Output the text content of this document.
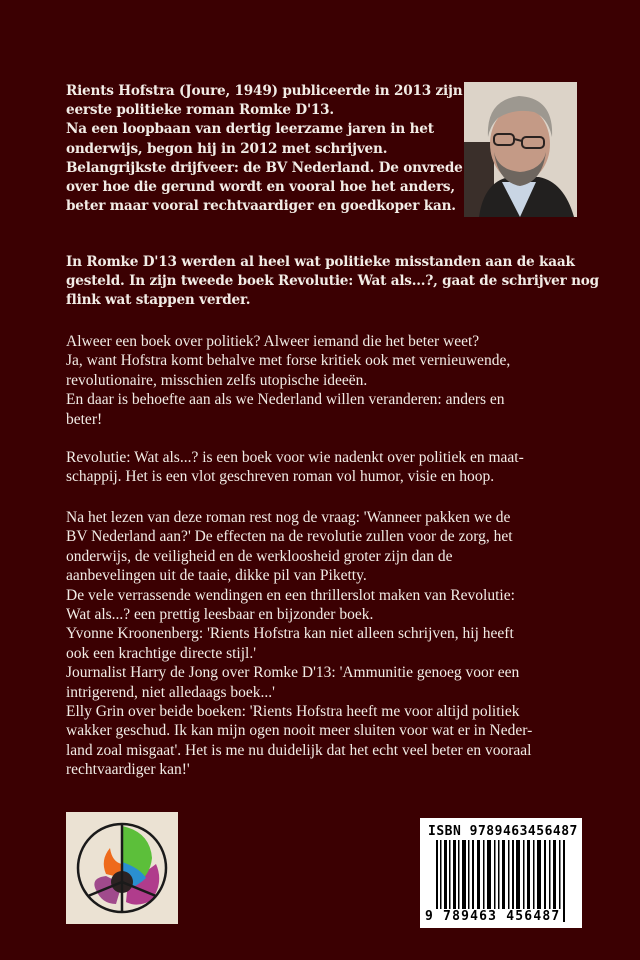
Rients Hofstra (Joure, 1949) publiceerde in 2013 zijn
eerste politieke roman Romke D'13.
Na een loopbaan van dertig leerzame jaren in het
onderwijs, begon hij in 2012 met schrijven.
Belangrijkste drijfveer: de BV Nederland. De onvrede
over hoe die gerund wordt en vooral hoe het anders,
beter maar vooral rechtvaardiger en goedkoper kan.
In Romke D'13 werden al heel wat politieke misstanden aan de kaak
gesteld. In zijn tweede boek Revolutie: Wat als...?, gaat de schrijver nog
flink wat stappen verder.
Alweer een boek over politiek? Alweer iemand die het beter weet?
Ja, want Hofstra komt behalve met forse kritiek ook met vernieuwende,
revolutionaire, misschien zelfs utopische ideeën.
En daar is behoefte aan als we Nederland willen veranderen: anders en
beter!
Revolutie: Wat als...? is een boek voor wie nadenkt over politiek en maat-
schappij. Het is een vlot geschreven roman vol humor, visie en hoop.
Na het lezen van deze roman rest nog de vraag: 'Wanneer pakken we de
BV Nederland aan?' De effecten na de revolutie zullen voor de zorg, het
onderwijs, de veiligheid en de werkloosheid groter zijn dan de
aanbevelingen uit de taaie, dikke pil van Piketty.
De vele verrassende wendingen en een thrillerslot maken van Revolutie:
Wat als...? een prettig leesbaar en bijzonder boek.
Yvonne Kroonenberg: 'Rients Hofstra kan niet alleen schrijven, hij heeft
ook een krachtige directe stijl.'
Journalist Harry de Jong over Romke D'13: 'Ammunitie genoeg voor een
intrigerend, niet alledaags boek...'
Elly Grin over beide boeken: 'Rients Hofstra heeft me voor altijd politiek
wakker geschud. Ik kan mijn ogen nooit meer sluiten voor wat er in Neder-
land zoal misgaat'. Het is me nu duidelijk dat het echt veel beter en vooraal
rechtvaardiger kan!'
ISBN 9789463456487
9 789463 456487
